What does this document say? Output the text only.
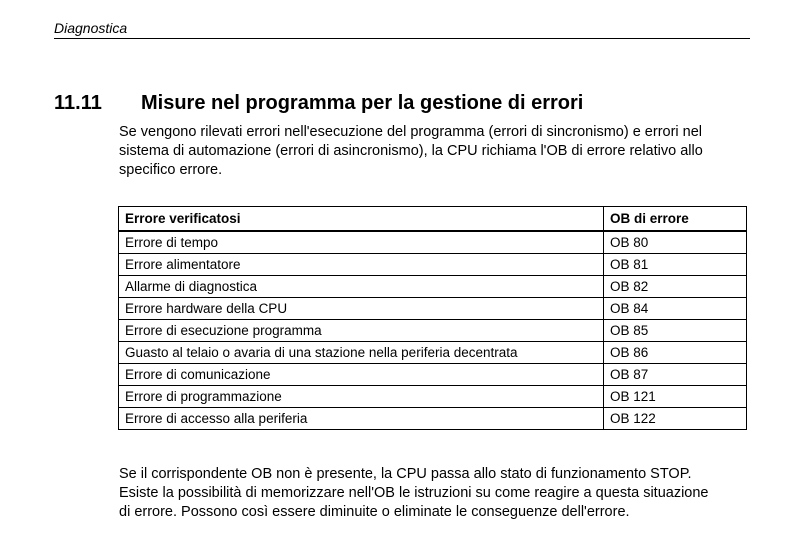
Diagnostica
11.11 Misure nel programma per la gestione di errori

Se vengono rilevati errori nell'esecuzione del programma (errori di sincronismo) e errori nel
sistema di automazione (errori di asincronismo), la CPU richiama l'OB di errore relativo allo
specifico errore.

Errore verificatosi	OB di errore
Errore di tempo	OB 80
Errore alimentatore	OB 81
Allarme di diagnostica	OB 82
Errore hardware della CPU	OB 84
Errore di esecuzione programma	OB 85
Guasto al telaio o avaria di una stazione nella periferia decentrata	OB 86
Errore di comunicazione	OB 87
Errore di programmazione	OB 121
Errore di accesso alla periferia	OB 122

Se il corrispondente OB non è presente, la CPU passa allo stato di funzionamento STOP.
Esiste la possibilità di memorizzare nell'OB le istruzioni su come reagire a questa situazione
di errore. Possono così essere diminuite o eliminate le conseguenze dell'errore.
